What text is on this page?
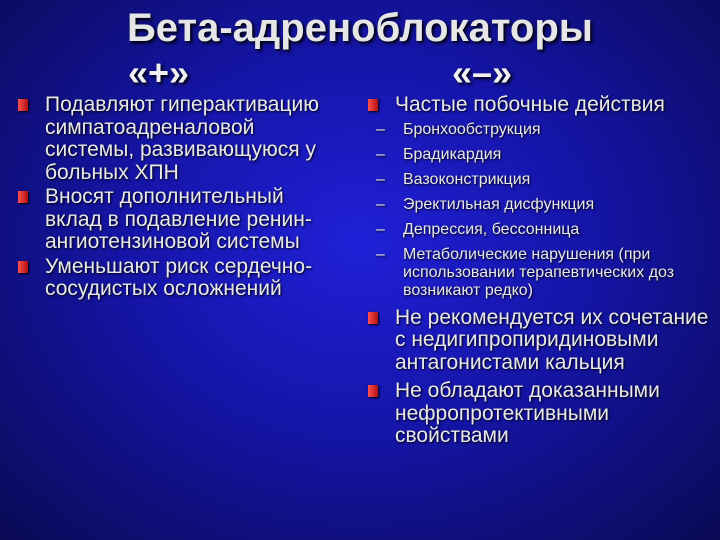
Бета-адреноблокаторы
«+»	«–»
Подавляют гиперактивацию симпатоадреналовой системы, развивающуюся у больных ХПН
Вносят дополнительный вклад в подавление ренин-ангиотензиновой системы
Уменьшают риск сердечно-сосудистых осложнений
Частые побочные действия
– Бронхообструкция
– Брадикардия
– Вазоконстрикция
– Эректильная дисфункция
– Депрессия, бессонница
– Метаболические нарушения (при использовании терапевтических доз возникают редко)
Не рекомендуется их сочетание с недигипропиридиновыми антагонистами кальция
Не обладают доказанными нефропротективными свойствами
